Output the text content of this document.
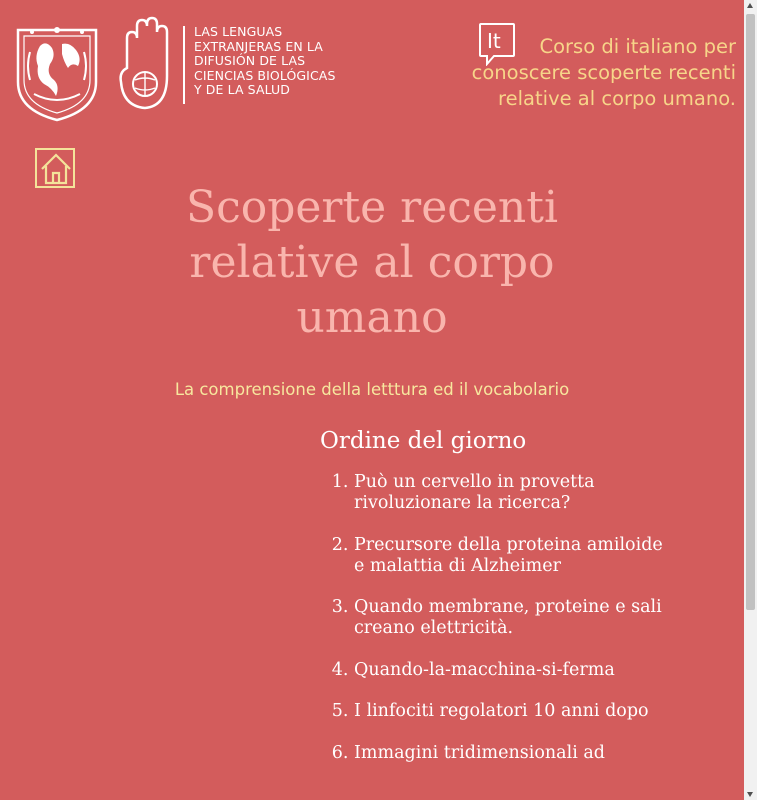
LAS LENGUAS
EXTRANJERAS EN LA
DIFUSIÓN DE LAS
CIENCIAS BIOLÓGICAS
Y DE LA SALUD
It	Corso di italiano per
conoscere scoperte recenti
relative al corpo umano.
Scoperte recenti
relative al corpo
umano

La comprensione della letttura ed il vocabolario

Ordine del giorno
1. Può un cervello in provetta rivoluzionare la ricerca?
2. Precursore della proteina amiloide e malattia di Alzheimer
3. Quando membrane, proteine e sali creano elettricità.
4. Quando-la-macchina-si-ferma
5. I linfociti regolatori 10 anni dopo
6. Immagini tridimensionali ad
